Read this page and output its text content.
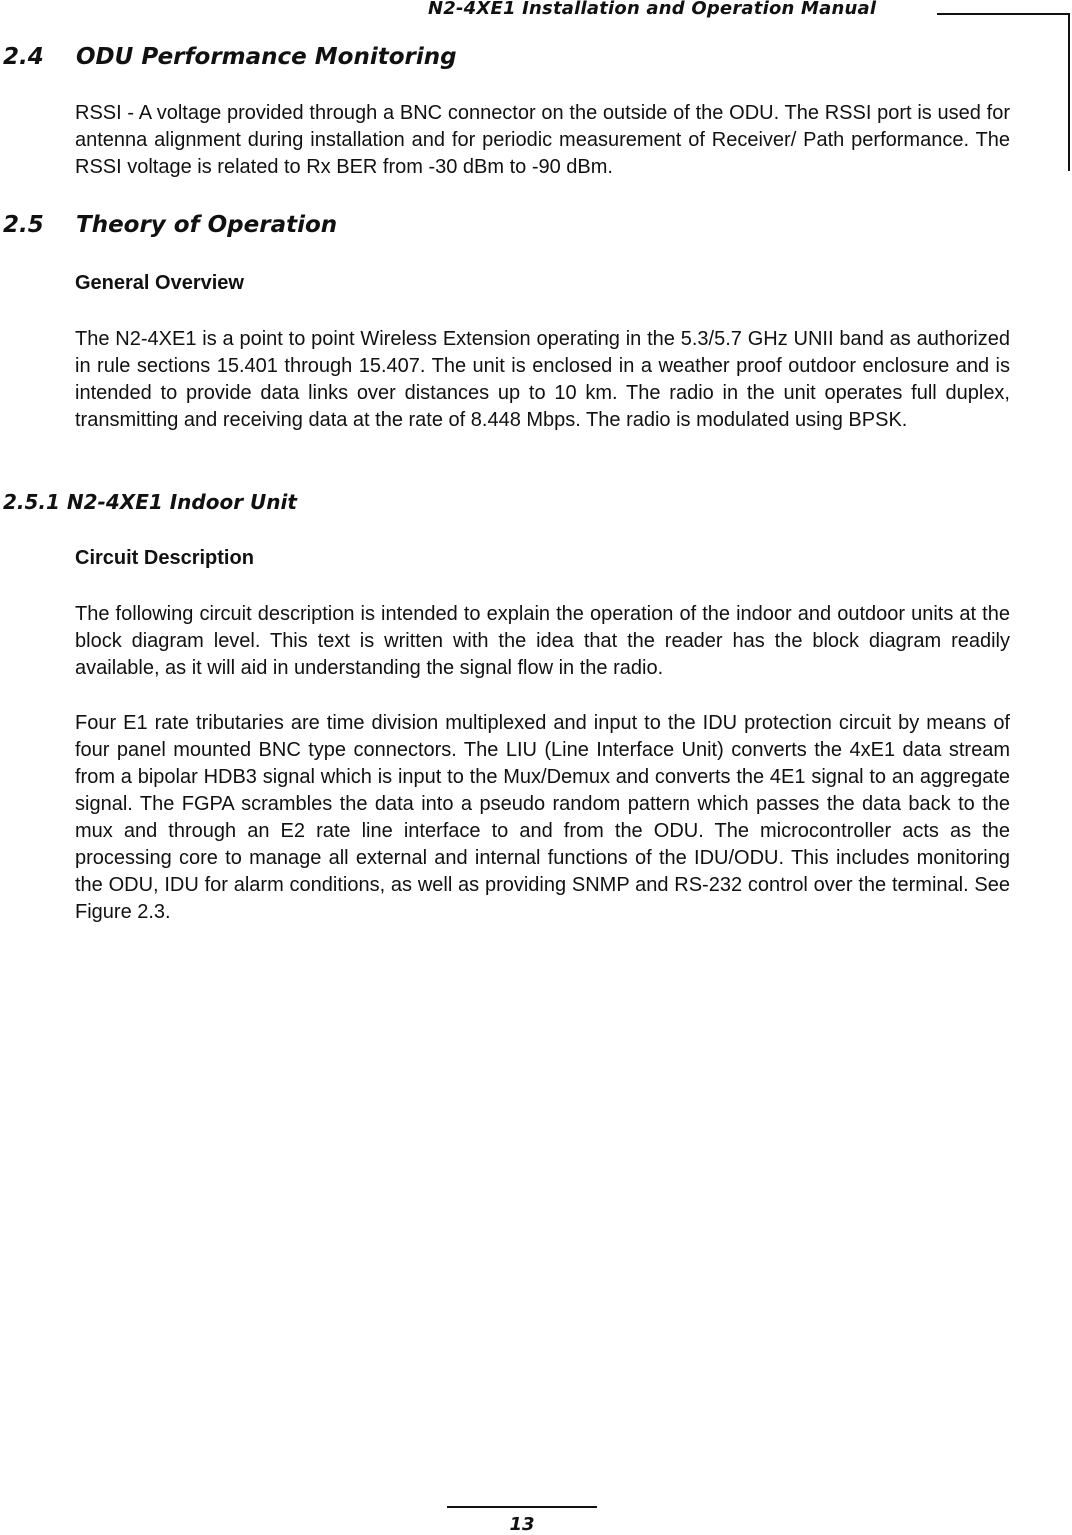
N2-4XE1 Installation and Operation Manual
2.4 ODU Performance Monitoring

RSSI - A voltage provided through a BNC connector on the outside of the ODU. The RSSI port is used for antenna alignment during installation and for periodic measurement of Receiver/ Path performance. The RSSI voltage is related to Rx BER from -30 dBm to -90 dBm.

2.5 Theory of Operation
General Overview

The N2-4XE1 is a point to point Wireless Extension operating in the 5.3/5.7 GHz UNII band as authorized in rule sections 15.401 through 15.407. The unit is enclosed in a weather proof outdoor enclosure and is intended to provide data links over distances up to 10 km. The radio in the unit operates full duplex, transmitting and receiving data at the rate of 8.448 Mbps. The radio is modulated using BPSK.

2.5.1 N2-4XE1 Indoor Unit
Circuit Description

The following circuit description is intended to explain the operation of the indoor and outdoor units at the block diagram level. This text is written with the idea that the reader has the block diagram readily available, as it will aid in understanding the signal flow in the radio.

Four E1 rate tributaries are time division multiplexed and input to the IDU protection circuit by means of four panel mounted BNC type connectors. The LIU (Line Interface Unit) converts the 4xE1 data stream from a bipolar HDB3 signal which is input to the Mux/Demux and converts the 4E1 signal to an aggregate signal. The FGPA scrambles the data into a pseudo random pattern which passes the data back to the mux and through an E2 rate line interface to and from the ODU. The microcontroller acts as the processing core to manage all external and internal functions of the IDU/ODU. This includes monitoring the ODU, IDU for alarm conditions, as well as providing SNMP and RS-232 control over the terminal. See Figure 2.3.

13
